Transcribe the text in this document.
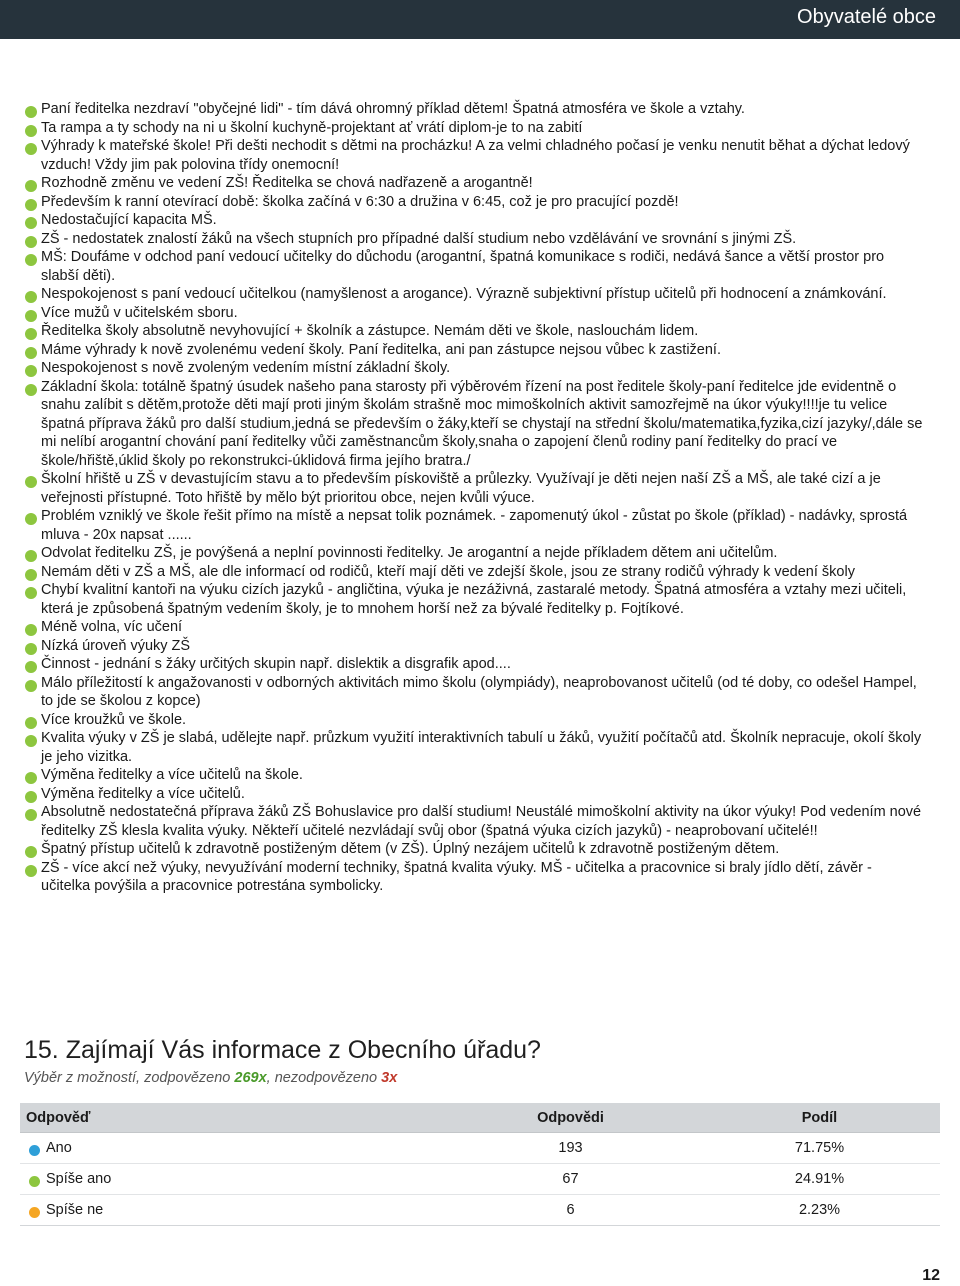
Obyvatelé obce
Paní ředitelka nezdraví "obyčejné lidi" - tím dává ohromný příklad dětem! Špatná atmosféra ve škole a vztahy.
Ta rampa a ty schody na ni u školní kuchyně-projektant ať vrátí diplom-je to na zabití
Výhrady k mateřské škole! Při dešti nechodit s dětmi na procházku! A za velmi chladného počasí je venku nenutit běhat a dýchat ledový vzduch! Vždy jim pak polovina třídy onemocní!
Rozhodně změnu ve vedení ZŠ! Ředitelka se chová nadřazeně a arogantně!
Především k ranní otevírací době: školka začíná v 6:30 a družina v 6:45, což je pro pracující pozdě!
Nedostačující kapacita MŠ.
ZŠ - nedostatek znalostí žáků na všech stupních pro případné další studium nebo vzdělávání ve srovnání s jinými ZŠ.
MŠ: Doufáme v odchod paní vedoucí učitelky do důchodu (arogantní, špatná komunikace s rodiči, nedává šance a větší prostor pro slabší děti).
Nespokojenost s paní vedoucí učitelkou (namyšlenost a arogance). Výrazně subjektivní přístup učitelů při hodnocení a známkování.
Více mužů v učitelském sboru.
Ředitelka školy absolutně nevyhovující + školník a zástupce. Nemám děti ve škole, naslouchám lidem.
Máme výhrady k nově zvolenému vedení školy. Paní ředitelka, ani pan zástupce nejsou vůbec k zastižení.
Nespokojenost s nově zvoleným vedením místní základní školy.
Základní škola: totálně špatný úsudek našeho pana starosty při výběrovém řízení na post ředitele školy-paní ředitelce jde evidentně o snahu zalíbit s dětěm,protože děti mají proti jiným školám strašně moc mimoškolních aktivit samozřejmě na úkor výuky!!!!je tu velice špatná příprava žáků pro další studium,jedná se především o žáky,kteří se chystají na střední školu/matematika,fyzika,cizí jazyky/,dále se mi nelíbí arogantní chování paní ředitelky vůči zaměstnancům školy,snaha o zapojení členů rodiny paní ředitelky do prací ve škole/hřiště,úklid školy po rekonstrukci-úklidová firma jejího bratra./
Školní hřiště u ZŠ v devastujícím stavu a to především pískoviště a průlezky. Využívají je děti nejen naší ZŠ a MŠ, ale také cizí a je veřejnosti přístupné. Toto hřiště by mělo být prioritou obce, nejen kvůli výuce.
Problém vzniklý ve škole řešit přímo na místě a nepsat tolik poznámek. - zapomenutý úkol - zůstat po škole (příklad) - nadávky, sprostá mluva - 20x napsat ......
Odvolat ředitelku ZŠ, je povýšená a neplní povinnosti ředitelky. Je arogantní a nejde příkladem dětem ani učitelům.
Nemám děti v ZŠ a MŠ, ale dle informací od rodičů, kteří mají děti ve zdejší škole, jsou ze strany rodičů výhrady k vedení školy
Chybí kvalitní kantoři na výuku cizích jazyků - angličtina, výuka je nezáživná, zastaralé metody. Špatná atmosféra a vztahy mezi učiteli, která je způsobená špatným vedením školy, je to mnohem horší než za bývalé ředitelky p. Fojtíkové.
Méně volna, víc učení
Nízká úroveň výuky ZŠ
Činnost - jednání s žáky určitých skupin např. dislektik a disgrafik apod....
Málo příležitostí k angažovanosti v odborných aktivitách mimo školu (olympiády), neaprobovanost učitelů (od té doby, co odešel Hampel, to jde se školou z kopce)
Více kroužků ve škole.
Kvalita výuky v ZŠ je slabá, udělejte např. průzkum využití interaktivních tabulí u žáků, využití počítačů atd. Školník nepracuje, okolí školy je jeho vizitka.
Výměna ředitelky a více učitelů na škole.
Výměna ředitelky a více učitelů.
Absolutně nedostatečná příprava žáků ZŠ Bohuslavice pro další studium! Neustálé mimoškolní aktivity na úkor výuky! Pod vedením nové ředitelky ZŠ klesla kvalita výuky. Někteří učitelé nezvládají svůj obor (špatná výuka cizích jazyků) - neaprobovaní učitelé!!
Špatný přístup učitelů k zdravotně postiženým dětem (v ZŠ). Úplný nezájem učitelů k zdravotně postiženým dětem.
ZŠ - více akcí než výuky, nevyužívání moderní techniky, špatná kvalita výuky. MŠ - učitelka a pracovnice si braly jídlo dětí, závěr - učitelka povýšila a pracovnice potrestána symbolicky.
15. Zajímají Vás informace z Obecního úřadu?
Výběr z možností, zodpovězeno 269x, nezodpovězeno 3x
Odpověď	Odpovědi	Podíl

Ano	193	71.75%

Spíše ano	67	24.91%

Spíše ne	6	2.23%
12
